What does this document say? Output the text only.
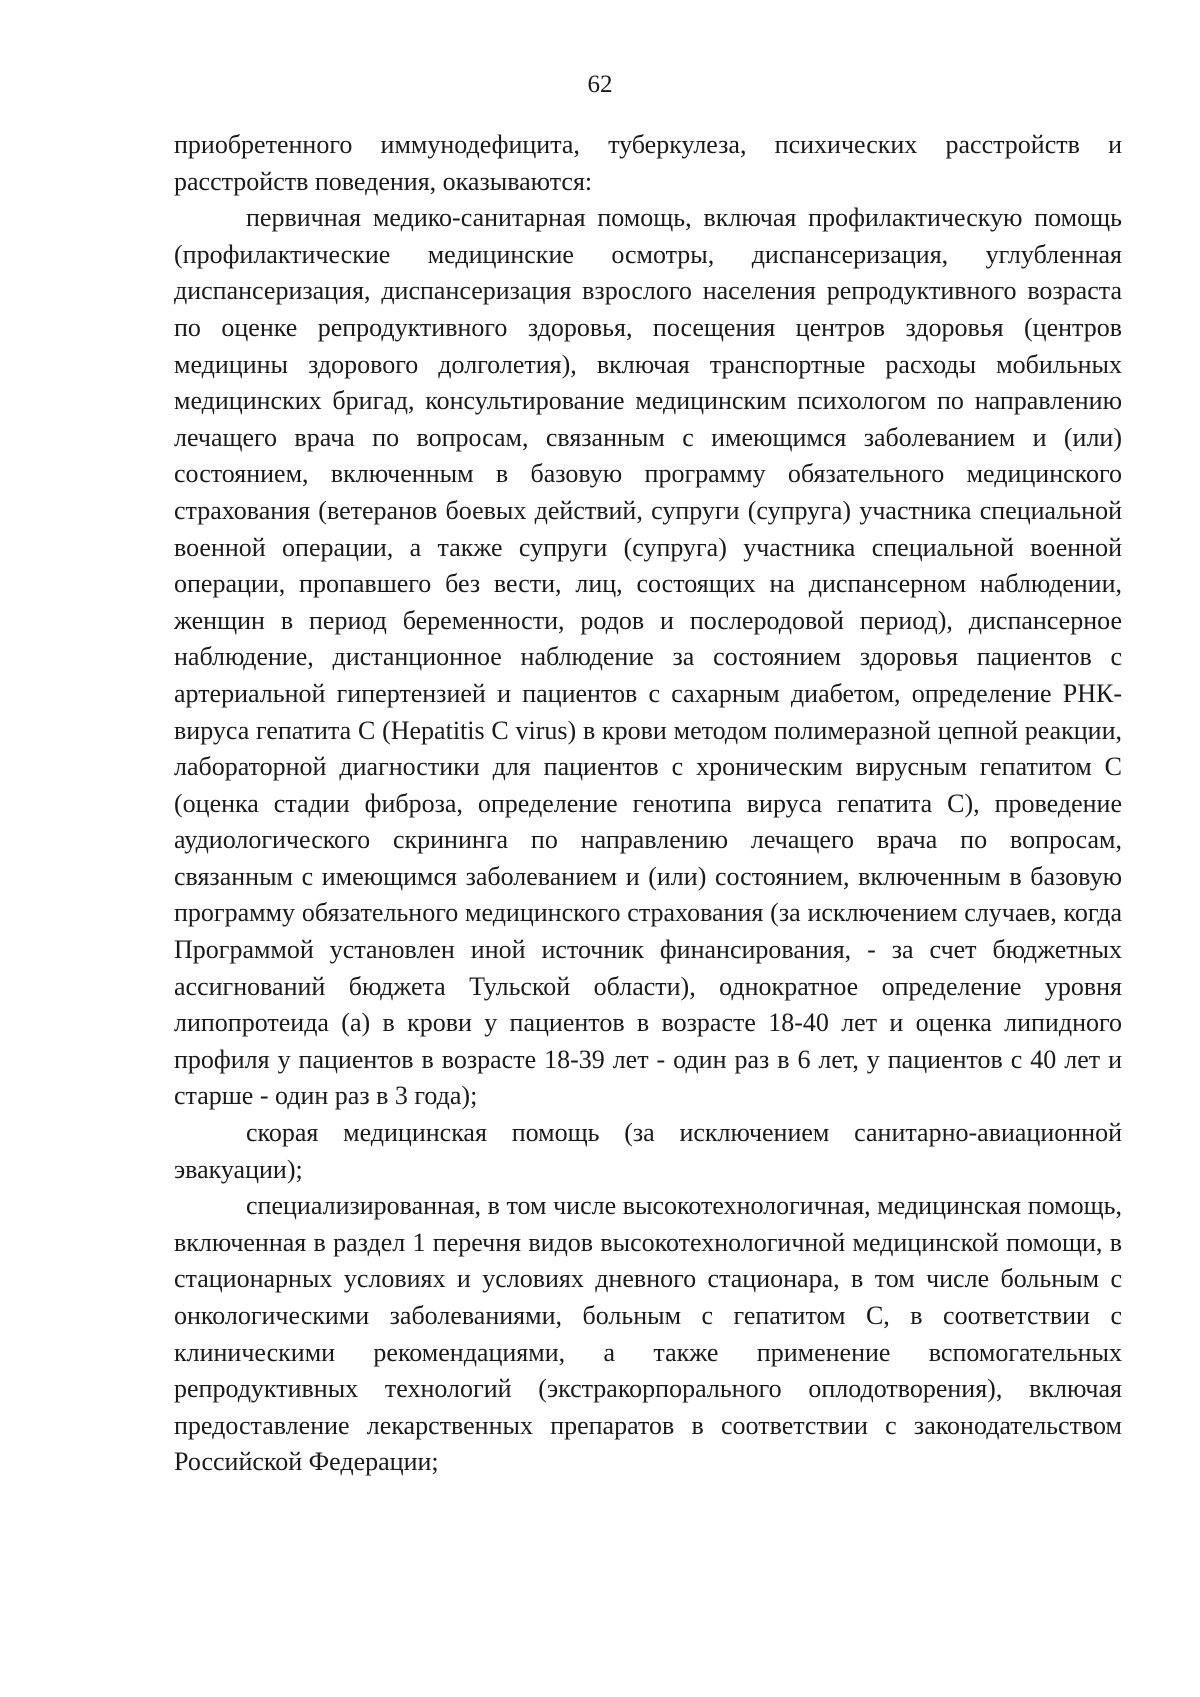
62

приобретенного иммунодефицита, туберкулеза, психических расстройств и расстройств поведения, оказываются:

первичная медико-санитарная помощь, включая профилактическую помощь (профилактические медицинские осмотры, диспансеризация, углубленная диспансеризация, диспансеризация взрослого населения репродуктивного возраста по оценке репродуктивного здоровья, посещения центров здоровья (центров медицины здорового долголетия), включая транспортные расходы мобильных медицинских бригад, консультирование медицинским психологом по направлению лечащего врача по вопросам, связанным с имеющимся заболеванием и (или) состоянием, включенным в базовую программу обязательного медицинского страхования (ветеранов боевых действий, супруги (супруга) участника специальной военной операции, а также супруги (супруга) участника специальной военной операции, пропавшего без вести, лиц, состоящих на диспансерном наблюдении, женщин в период беременности, родов и послеродовой период), диспансерное наблюдение, дистанционное наблюдение за состоянием здоровья пациентов с артериальной гипертензией и пациентов с сахарным диабетом, определение РНК-вируса гепатита C (Hepatitis C virus) в крови методом полимеразной цепной реакции, лабораторной диагностики для пациентов с хроническим вирусным гепатитом C (оценка стадии фиброза, определение генотипа вируса гепатита C), проведение аудиологического скрининга по направлению лечащего врача по вопросам, связанным с имеющимся заболеванием и (или) состоянием, включенным в базовую программу обязательного медицинского страхования (за исключением случаев, когда Программой установлен иной источник финансирования, - за счет бюджетных ассигнований бюджета Тульской области), однократное определение уровня липопротеида (а) в крови у пациентов в возрасте 18-40 лет и оценка липидного профиля у пациентов в возрасте 18-39 лет - один раз в 6 лет, у пациентов с 40 лет и старше - один раз в 3 года);

скорая медицинская помощь (за исключением санитарно-авиационной эвакуации);

специализированная, в том числе высокотехнологичная, медицинская помощь, включенная в раздел 1 перечня видов высокотехнологичной медицинской помощи, в стационарных условиях и условиях дневного стационара, в том числе больным с онкологическими заболеваниями, больным с гепатитом C, в соответствии с клиническими рекомендациями, а также применение вспомогательных репродуктивных технологий (экстракорпорального оплодотворения), включая предоставление лекарственных препаратов в соответствии с законодательством Российской Федерации;
